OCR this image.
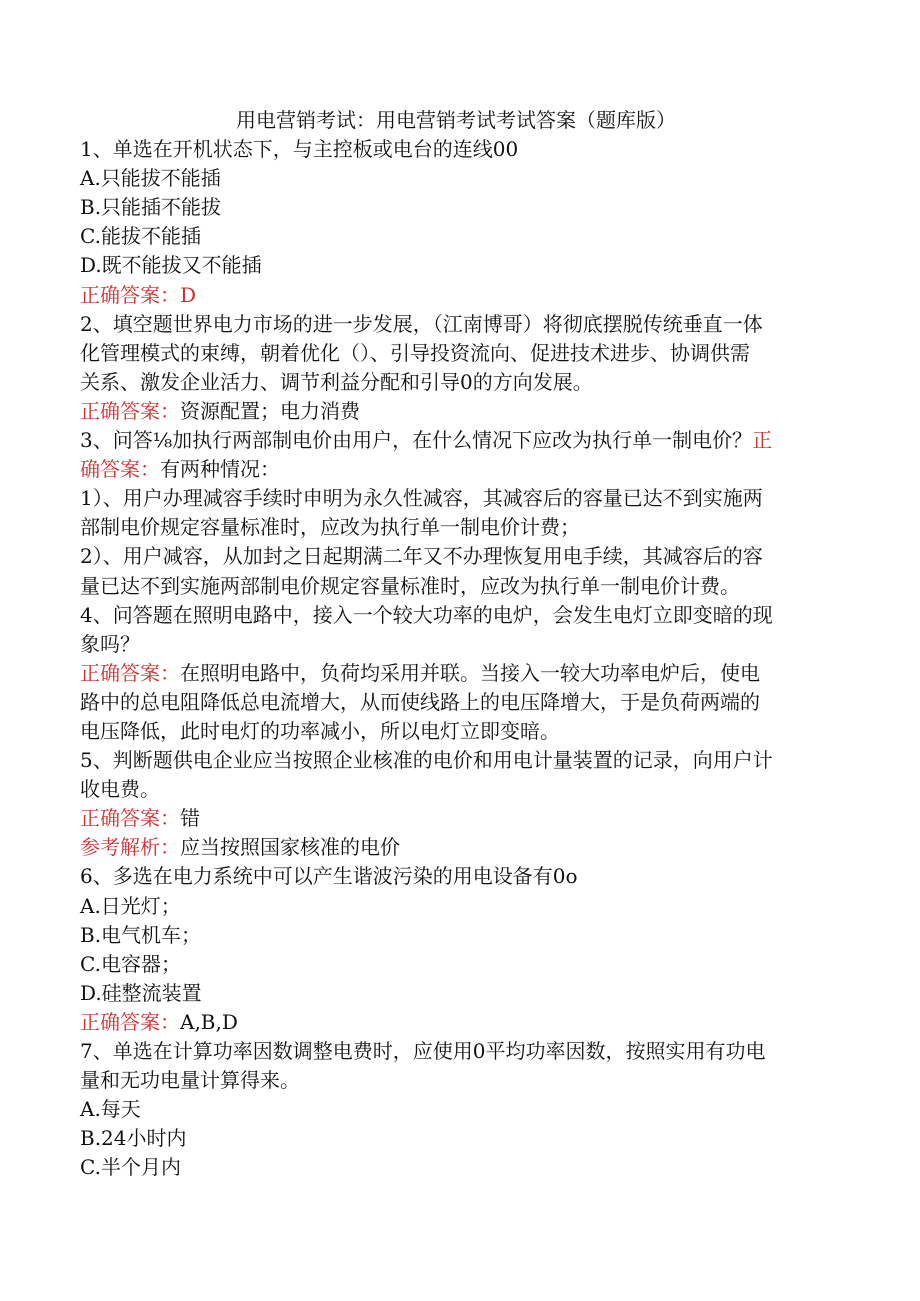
用电营销考试：用电营销考试考试答案（题库版）

1、单选在开机状态下，与主控板或电台的连线00

A.只能拔不能插

B.只能插不能拔

C.能拔不能插

D.既不能拔又不能插

正确答案：D

2、填空题世界电力市场的进一步发展，（江南博哥）将彻底摆脱传统垂直一体

化管理模式的束缚，朝着优化（）、引导投资流向、促进技术进步、协调供需

关系、激发企业活力、调节利益分配和引导0的方向发展。

正确答案：资源配置；电力消费

3、问答⅛加执行两部制电价由用户，在什么情况下应改为执行单一制电价？正

确答案：有两种情况：

1）、用户办理减容手续时申明为永久性减容，其减容后的容量已达不到实施两

部制电价规定容量标准时，应改为执行单一制电价计费；

2）、用户减容，从加封之日起期满二年又不办理恢复用电手续，其减容后的容

量已达不到实施两部制电价规定容量标准时，应改为执行单一制电价计费。

4、问答题在照明电路中，接入一个较大功率的电炉，会发生电灯立即变暗的现

象吗？

正确答案：在照明电路中，负荷均采用并联。当接入一较大功率电炉后，使电

路中的总电阻降低总电流增大，从而使线路上的电压降增大，于是负荷两端的

电压降低，此时电灯的功率减小，所以电灯立即变暗。

5、判断题供电企业应当按照企业核准的电价和用电计量装置的记录，向用户计

收电费。

正确答案：错

参考解析：应当按照国家核准的电价

6、多选在电力系统中可以产生谐波污染的用电设备有0o

A.日光灯；

B.电气机车；

C.电容器；

D.硅整流装置

正确答案：A,B,D

7、单选在计算功率因数调整电费时，应使用0平均功率因数，按照实用有功电

量和无功电量计算得来。

A.每天

B.24小时内

C.半个月内
